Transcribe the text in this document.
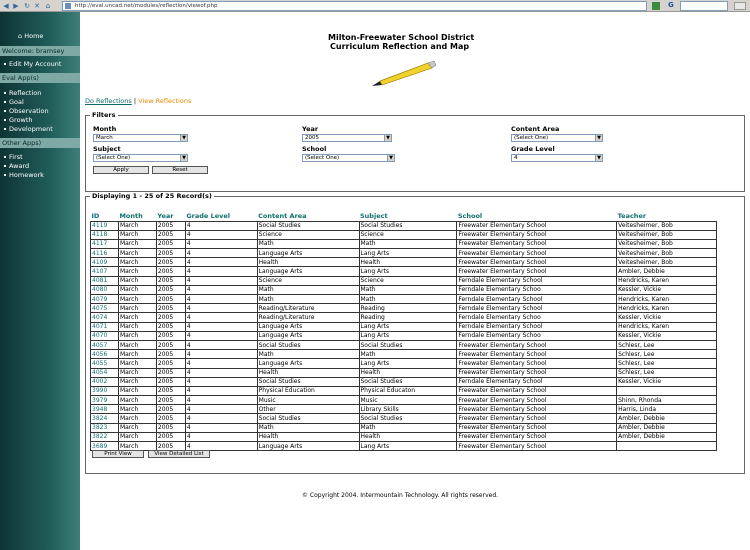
◀ ▶ ↻ ✕ ⌂	http://eval.uncad.net/modules/reflection/viewof.php	G
⌂ Home
Welcome: bramsey
Edit My Account
Eval App(s)
Reflection
Goal
Observation
Growth
Development
Other Apps)
First
Award
Homework
Milton-Freewater School District
Curriculum Reflection and Map
Do Reflections | View Reflections
Filters
Month
March	▼
Year
2005	▼
Content Area
(Select One)	▼
Subject
(Select One)	▼
School
(Select One)	▼
Grade Level
4	▼
Apply	Reset
Displaying 1 - 25 of 25 Record(s)
ID	Month	Year	Grade Level	Content Area	Subject	School	Teacher
4119	March	2005	4	Social Studies	Social Studies	Freewater Elementary School	Veitesheimer, Bob
4118	March	2005	4	Science	Science	Freewater Elementary School	Veitesheimer, Bob
4117	March	2005	4	Math	Math	Freewater Elementary School	Veitesheimer, Bob
4116	March	2005	4	Language Arts	Lang Arts	Freewater Elementary School	Veitesheimer, Bob
4109	March	2005	4	Health	Health	Freewater Elementary School	Veitesheimer, Bob
4107	March	2005	4	Language Arts	Lang Arts	Freewater Elementary School	Ambler, Debbie
4081	March	2005	4	Science	Science	Ferndale Elementary School	Hendricks, Karen
4080	March	2005	4	Math	Math	Ferndale Elementary Schoo	Kessler, Vickie
4079	March	2005	4	Math	Math	Ferndale Elementary School	Hendricks, Karen
4075	March	2005	4	Reading/Literature	Reading	Ferndale Elementary School	Hendricks, Karen
4074	March	2005	4	Reading/Literature	Reading	Ferndale Elementary Schoo	Kessler, Vickie
4071	March	2005	4	Language Arts	Lang Arts	Ferndale Elementary School	Hendricks, Karen
4070	March	2005	4	Language Arts	Lang Arts	Ferndale Elementary Schoo	Kessler, Vickie
4057	March	2005	4	Social Studies	Social Studies	Freewater Elementary School	Schlesr, Lee
4056	March	2005	4	Math	Math	Freewater Elementary School	Schlesr, Lee
4055	March	2005	4	Language Arts	Lang Arts	Freewater Elementary School	Schlesr, Lee
4054	March	2005	4	Health	Health	Freewater Elementary School	Schlesr, Lee
4002	March	2005	4	Social Studies	Social Studies	Ferndale Elementary School	Kessler, Vickie
3990	March	2005	4	Physical Education	Physical Educaton	Freewater Elementary School	
3979	March	2005	4	Music	Music	Freewater Elementary School	Shinn, Rhonda
3948	March	2005	4	Other	Library Skills	Freewater Elementary School	Harris, Linda
3824	March	2005	4	Social Studies	Social Studies	Freewater Elementary School	Ambler, Debbie
3823	March	2005	4	Math	Math	Freewater Elementary School	Ambler, Debbie
3822	March	2005	4	Health	Health	Freewater Elementary School	Ambler, Debbie
3689	March	2005	4	Language Arts	Lang Arts	Freewater Elementary School	
Print View	View Detailed List
© Copyright 2004. Intermountain Technology. All rights reserved.
